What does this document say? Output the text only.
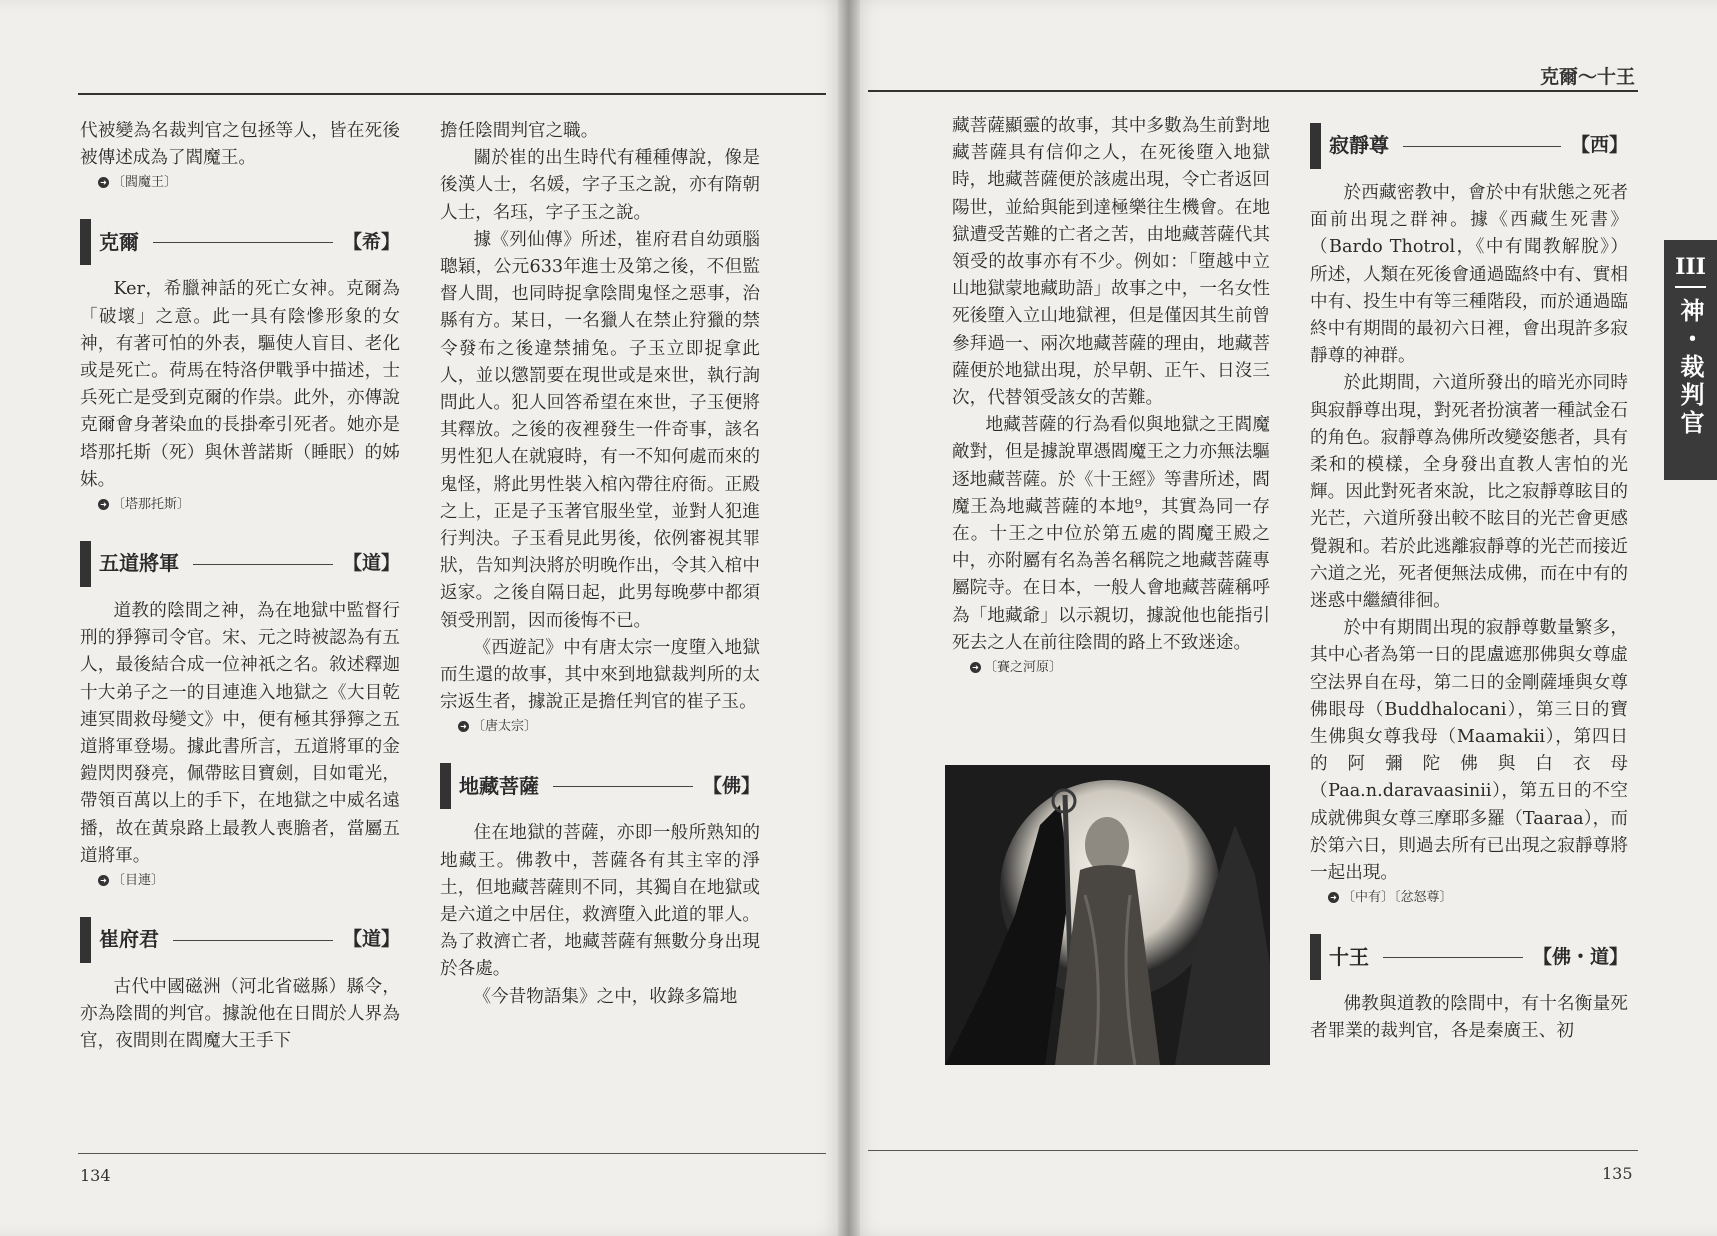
克爾～十王
134	135

代被變為名裁判官之包拯等人，皆在死後被傳述成為了閻魔王。

➜ 〔閻魔王〕
克爾	【希】

Ker，希臘神話的死亡女神。克爾為「破壞」之意。此一具有陰慘形象的女神，有著可怕的外表，驅使人盲目、老化或是死亡。荷馬在特洛伊戰爭中描述，士兵死亡是受到克爾的作祟。此外，亦傳說克爾會身著染血的長掛牽引死者。她亦是塔那托斯（死）與休普諾斯（睡眠）的姊妹。

➜ 〔塔那托斯〕
五道將軍	【道】

道教的陰間之神，為在地獄中監督行刑的猙獰司令官。宋、元之時被認為有五人，最後結合成一位神祇之名。敘述釋迦十大弟子之一的目連進入地獄之《大目乾連冥間救母變文》中，便有極其猙獰之五道將軍登場。據此書所言，五道將軍的金鎧閃閃發亮，佩帶眩目寶劍，目如電光，帶領百萬以上的手下，在地獄之中威名遠播，故在黃泉路上最教人喪膽者，當屬五道將軍。

➜ 〔目連〕
崔府君	【道】

古代中國磁洲（河北省磁縣）縣令，亦為陰間的判官。據說他在日間於人界為官，夜間則在閻魔大王手下

擔任陰間判官之職。

關於崔的出生時代有種種傳說，像是後漢人士，名媛，字子玉之說，亦有隋朝人士，名珏，字子玉之說。

據《列仙傳》所述，崔府君自幼頭腦聰穎，公元633年進士及第之後，不但監督人間，也同時捉拿陰間鬼怪之惡事，治縣有方。某日，一名獵人在禁止狩獵的禁令發布之後違禁捕兔。子玉立即捉拿此人，並以懲罰要在現世或是來世，執行詢問此人。犯人回答希望在來世，子玉便將其釋放。之後的夜裡發生一件奇事，該名男性犯人在就寢時，有一不知何處而來的鬼怪，將此男性裝入棺內帶往府衙。正殿之上，正是子玉著官服坐堂，並對人犯進行判決。子玉看見此男後，依例審視其罪狀，告知判決將於明晚作出，令其入棺中返家。之後自隔日起，此男每晚夢中都須領受刑罰，因而後悔不已。

《西遊記》中有唐太宗一度墮入地獄而生還的故事，其中來到地獄裁判所的太宗返生者，據說正是擔任判官的崔子玉。

➜ 〔唐太宗〕
地藏菩薩	【佛】

住在地獄的菩薩，亦即一般所熟知的地藏王。佛教中，菩薩各有其主宰的淨土，但地藏菩薩則不同，其獨自在地獄或是六道之中居住，救濟墮入此道的罪人。為了救濟亡者，地藏菩薩有無數分身出現於各處。

《今昔物語集》之中，收錄多篇地

藏菩薩顯靈的故事，其中多數為生前對地藏菩薩具有信仰之人，在死後墮入地獄時，地藏菩薩便於該處出現，令亡者返回陽世，並給與能到達極樂往生機會。在地獄遭受苦難的亡者之苦，由地藏菩薩代其領受的故事亦有不少。例如：「墮越中立山地獄蒙地藏助語」故事之中，一名女性死後墮入立山地獄裡，但是僅因其生前曾參拜過一、兩次地藏菩薩的理由，地藏菩薩便於地獄出現，於早朝、正午、日沒三次，代替領受該女的苦難。

地藏菩薩的行為看似與地獄之王閻魔敵對，但是據說單憑閻魔王之力亦無法驅逐地藏菩薩。於《十王經》等書所述，閻魔王為地藏菩薩的本地⁹，其實為同一存在。十王之中位於第五處的閻魔王殿之中，亦附屬有名為善名稱院之地藏菩薩專屬院寺。在日本，一般人會地藏菩薩稱呼為「地藏爺」以示親切，據說他也能指引死去之人在前往陰間的路上不致迷途。

➜ 〔賽之河原〕
寂靜尊	【西】

於西藏密教中，會於中有狀態之死者面前出現之群神。據《西藏生死書》（Bardo Thotrol，《中有聞教解脫》）所述，人類在死後會通過臨終中有、實相中有、投生中有等三種階段，而於通過臨終中有期間的最初六日裡，會出現許多寂靜尊的神群。

於此期間，六道所發出的暗光亦同時與寂靜尊出現，對死者扮演著一種試金石的角色。寂靜尊為佛所改變姿態者，具有柔和的模樣，全身發出直教人害怕的光輝。因此對死者來說，比之寂靜尊眩目的光芒，六道所發出較不眩目的光芒會更感覺親和。若於此逃離寂靜尊的光芒而接近六道之光，死者便無法成佛，而在中有的迷惑中繼續徘徊。

於中有期間出現的寂靜尊數量繁多，其中心者為第一日的毘盧遮那佛與女尊虛空法界自在母，第二日的金剛薩埵與女尊佛眼母（Buddhalocani），第三日的寶生佛與女尊我母（Maamakii），第四日的阿彌陀佛與白衣母（Paa.n.daravaasinii），第五日的不空成就佛與女尊三摩耶多羅（Taaraa），而於第六日，則過去所有已出現之寂靜尊將一起出現。

➜ 〔中有〕〔忿怒尊〕
十王	【佛・道】

佛教與道教的陰間中，有十名衡量死者罪業的裁判官，各是秦廣王、初

III
神・裁判官
